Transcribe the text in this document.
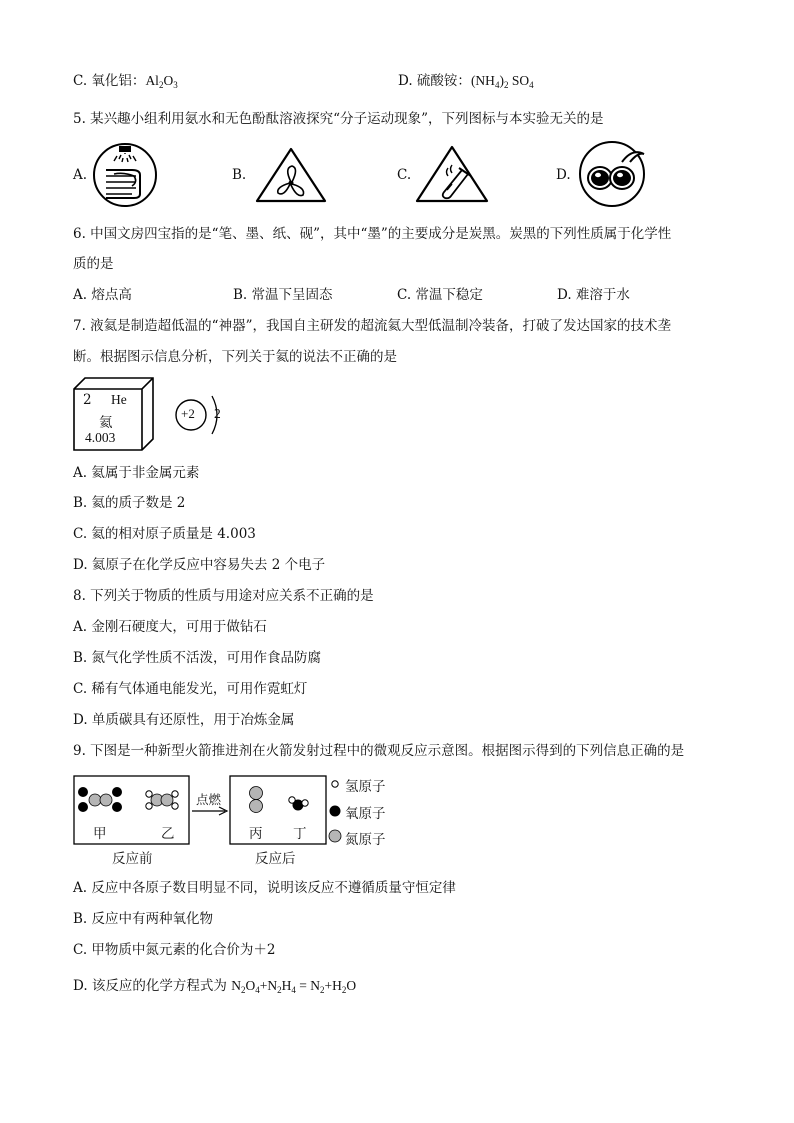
C. 氧化铝：$Al_2O_3$	D. 硫酸铵：$(NH_4)_2$ $SO_4$
5. 某兴趣小组利用氨水和无色酚酞溶液探究“分子运动现象”，下列图标与本实验无关的是
A.	B.	C.	D.
6. 中国文房四宝指的是“笔、墨、纸、砚”，其中“墨”的主要成分是炭黑。炭黑的下列性质属于化学性
质的是
A. 熔点高	B. 常温下呈固态	C. 常温下稳定	D. 难溶于水
7. 液氦是制造超低温的“神器”，我国自主研发的超流氦大型低温制冷装备，打破了发达国家的技术垄
断。根据图示信息分析，下列关于氦的说法不正确的是
2 He
氦
4.003
+2 2
A. 氦属于非金属元素
B. 氦的质子数是 2
C. 氦的相对原子质量是 4.003
D. 氦原子在化学反应中容易失去 2 个电子
8. 下列关于物质的性质与用途对应关系不正确的是
A. 金刚石硬度大，可用于做钻石
B. 氮气化学性质不活泼，可用作食品防腐
C. 稀有气体通电能发光，可用作霓虹灯
D. 单质碳具有还原性，用于冶炼金属
9. 下图是一种新型火箭推进剂在火箭发射过程中的微观反应示意图。根据图示得到的下列信息正确的是
甲	乙	丙 丁
点燃
反应前	反应后
氢原子
氧原子
氮原子
A. 反应中各原子数目明显不同，说明该反应不遵循质量守恒定律
B. 反应中有两种氧化物
C. 甲物质中氮元素的化合价为＋2
D. 该反应的化学方程式为 $N_2O_4+N_2H_4 = N_2+H_2O$
